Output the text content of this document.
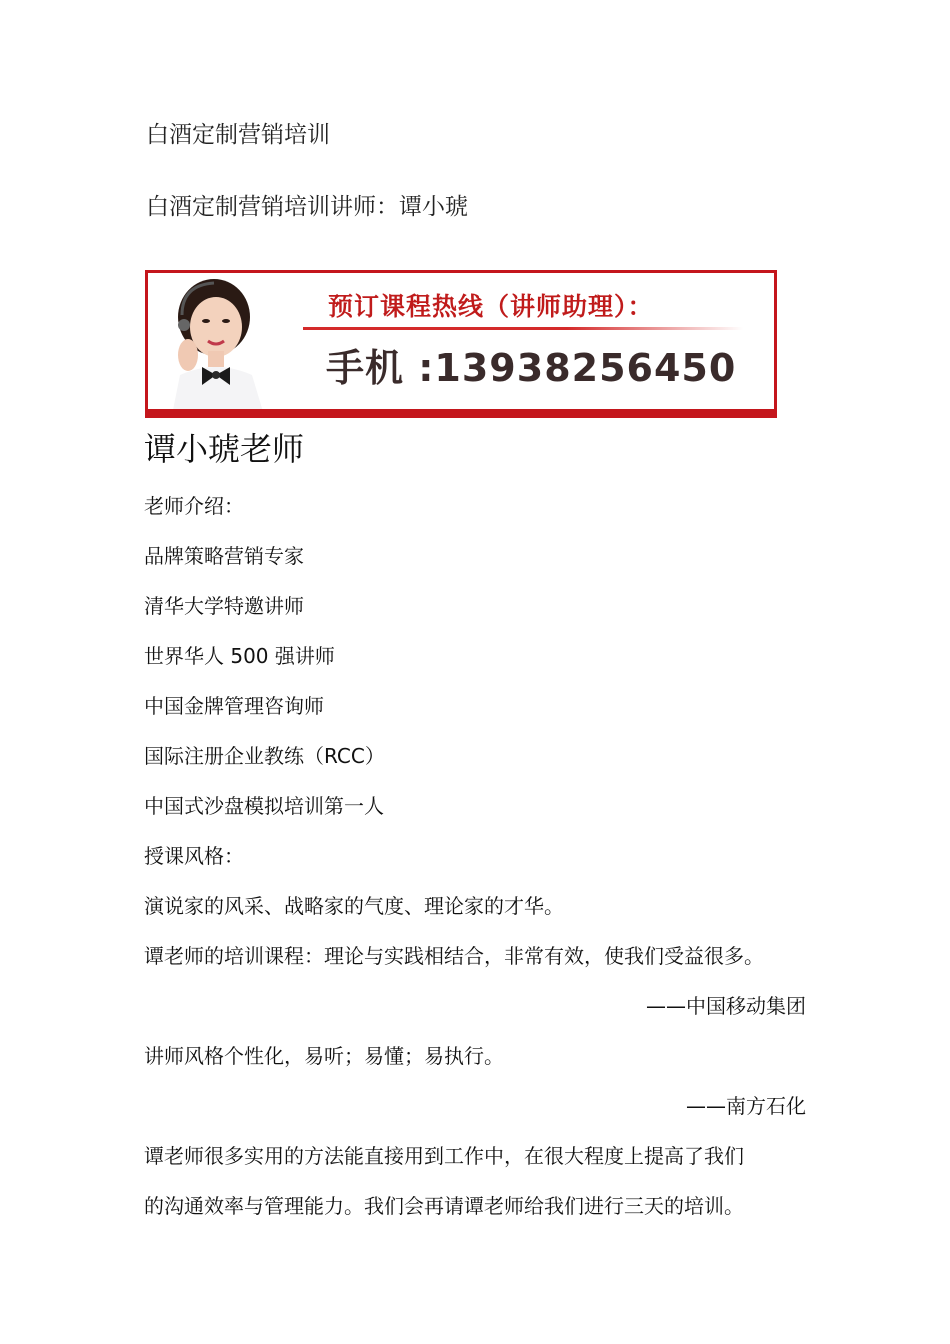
白酒定制营销培训
白酒定制营销培训讲师：谭小琥
预订课程热线（讲师助理）：
手机 :13938256450
谭小琥老师
老师介绍：
品牌策略营销专家
清华大学特邀讲师
世界华人 500 强讲师
中国金牌管理咨询师
国际注册企业教练（RCC）
中国式沙盘模拟培训第一人
授课风格：
演说家的风采、战略家的气度、理论家的才华。
谭老师的培训课程：理论与实践相结合，非常有效，使我们受益很多。
——中国移动集团
讲师风格个性化，易听；易懂；易执行。
——南方石化
谭老师很多实用的方法能直接用到工作中，在很大程度上提高了我们
的沟通效率与管理能力。我们会再请谭老师给我们进行三天的培训。
